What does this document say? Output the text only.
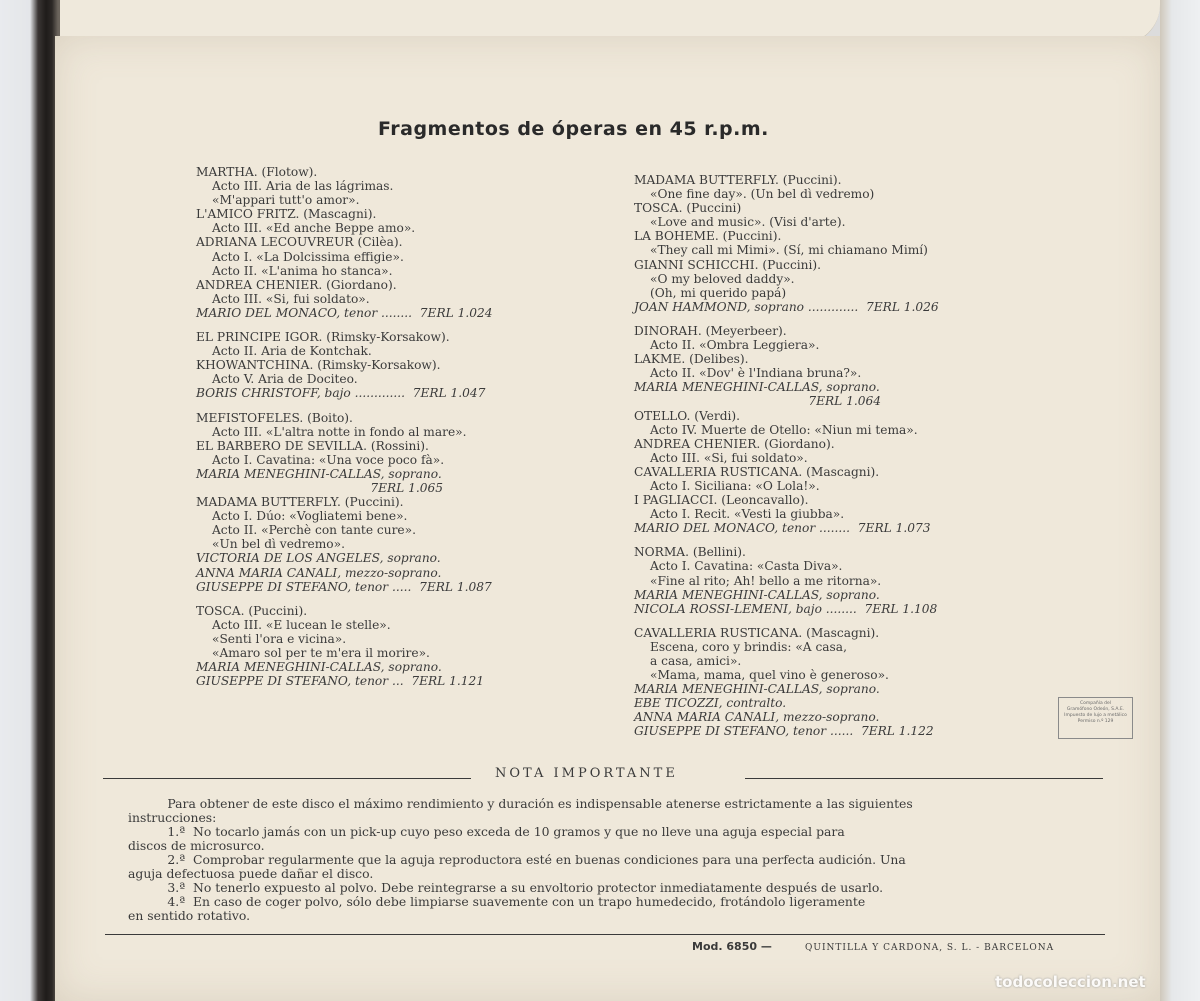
Fragmentos de óperas en 45 r.p.m.
MARTHA. (Flotow).
Acto III. Aria de las lágrimas.
«M'appari tutt'o amor».
L'AMICO FRITZ. (Mascagni).
Acto III. «Ed anche Beppe amo».
ADRIANA LECOUVREUR (Cilèa).
Acto I. «La Dolcissima effigie».
Acto II. «L'anima ho stanca».
ANDREA CHENIER. (Giordano).
Acto III. «Si, fui soldato».
MARIO DEL MONACO, tenor ........  7ERL 1.024
EL PRINCIPE IGOR. (Rimsky-Korsakow).
Acto II. Aria de Kontchak.
KHOWANTCHINA. (Rimsky-Korsakow).
Acto V. Aria de Dociteo.
BORIS CHRISTOFF, bajo .............  7ERL 1.047
MEFISTOFELES. (Boito).
Acto III. «L'altra notte in fondo al mare».
EL BARBERO DE SEVILLA. (Rossini).
Acto I. Cavatina: «Una voce poco fà».
MARIA MENEGHINI-CALLAS, soprano.
7ERL 1.065
MADAMA BUTTERFLY. (Puccini).
Acto I. Dúo: «Vogliatemi bene».
Acto II. «Perchè con tante cure».
«Un bel dì vedremo».
VICTORIA DE LOS ANGELES, soprano.
ANNA MARIA CANALI, mezzo-soprano.
GIUSEPPE DI STEFANO, tenor .....  7ERL 1.087
TOSCA. (Puccini).
Acto III. «E lucean le stelle».
«Senti l'ora e vicina».
«Amaro sol per te m'era il morire».
MARIA MENEGHINI-CALLAS, soprano.
GIUSEPPE DI STEFANO, tenor ...  7ERL 1.121
MADAMA BUTTERFLY. (Puccini).
«One fine day». (Un bel dì vedremo)
TOSCA. (Puccini)
«Love and music». (Visi d'arte).
LA BOHEME. (Puccini).
«They call mi Mimi». (Sí, mi chiamano Mimí)
GIANNI SCHICCHI. (Puccini).
«O my beloved daddy».
(Oh, mi querido papá)
JOAN HAMMOND, soprano .............  7ERL 1.026
DINORAH. (Meyerbeer).
Acto II. «Ombra Leggiera».
LAKME. (Delibes).
Acto II. «Dov' è l'Indiana bruna?».
MARIA MENEGHINI-CALLAS, soprano.
7ERL 1.064
OTELLO. (Verdi).
Acto IV. Muerte de Otello: «Niun mi tema».
ANDREA CHENIER. (Giordano).
Acto III. «Si, fui soldato».
CAVALLERIA RUSTICANA. (Mascagni).
Acto I. Siciliana: «O Lola!».
I PAGLIACCI. (Leoncavallo).
Acto I. Recit. «Vesti la giubba».
MARIO DEL MONACO, tenor ........  7ERL 1.073
NORMA. (Bellini).
Acto I. Cavatina: «Casta Diva».
«Fine al rito; Ah! bello a me ritorna».
MARIA MENEGHINI-CALLAS, soprano.
NICOLA ROSSI-LEMENI, bajo ........  7ERL 1.108
CAVALLERIA RUSTICANA. (Mascagni).
Escena, coro y brindis: «A casa,
a casa, amici».
«Mama, mama, quel vino è generoso».
MARIA MENEGHINI-CALLAS, soprano.
EBE TICOZZI, contralto.
ANNA MARIA CANALI, mezzo-soprano.
GIUSEPPE DI STEFANO, tenor ......  7ERL 1.122
NOTA IMPORTANTE
Para obtener de este disco el máximo rendimiento y duración es indispensable atenerse estrictamente a las siguientes
instrucciones:
1.ª  No tocarlo jamás con un pick-up cuyo peso exceda de 10 gramos y que no lleve una aguja especial para
discos de microsurco.
2.ª  Comprobar regularmente que la aguja reproductora esté en buenas condiciones para una perfecta audición. Una
aguja defectuosa puede dañar el disco.
3.ª  No tenerlo expuesto al polvo. Debe reintegrarse a su envoltorio protector inmediatamente después de usarlo.
4.ª  En caso de coger polvo, sólo debe limpiarse suavemente con un trapo humedecido, frotándolo ligeramente
en sentido rotativo.
Mod. 6850 —	QUINTILLA Y CARDONA, S. L. - BARCELONA
Compañía del
Gramófono Odeón, S.A.E.
Impuesto de lujo a metálico
Permiso n.º 129
todocoleccion.net
